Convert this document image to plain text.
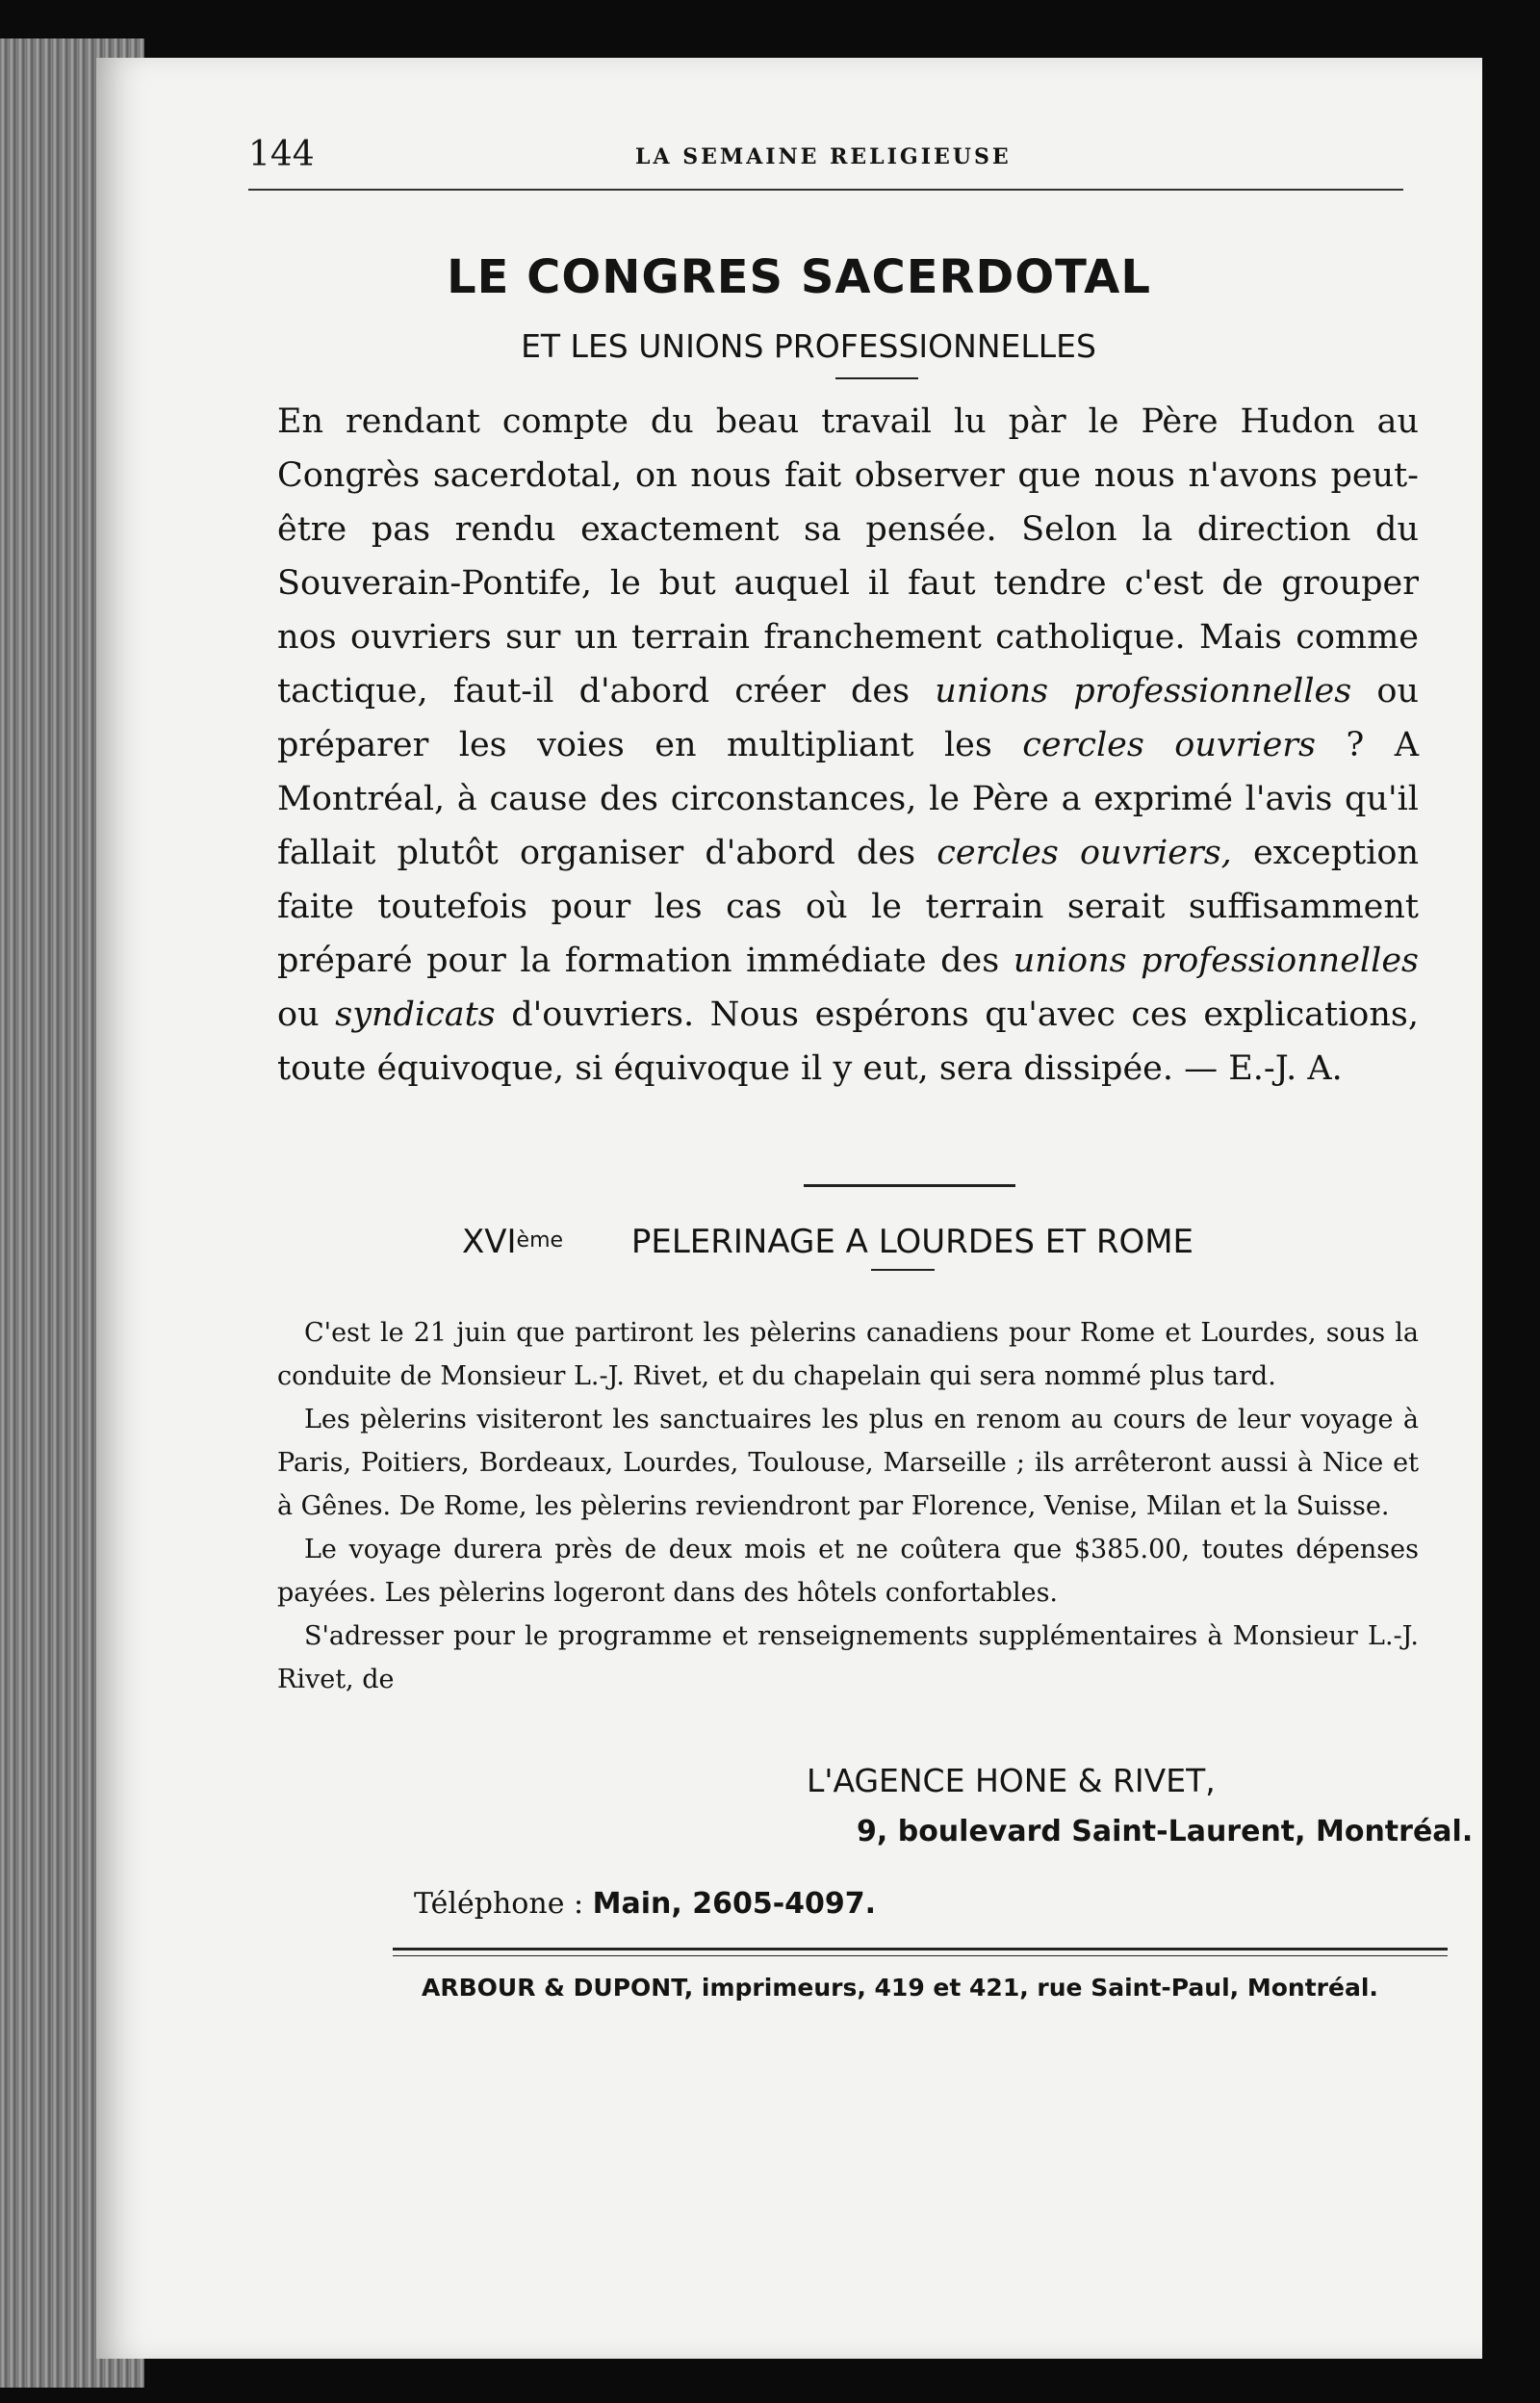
144	LA SEMAINE RELIGIEUSE
LE CONGRES SACERDOTAL
ET LES UNIONS PROFESSIONNELLES
En rendant compte du beau travail lu pàr le Père Hudon au Congrès sacerdotal, on nous fait observer que nous n'avons peut-être pas rendu exactement sa pensée. Selon la direction du Souverain-Pontife, le but auquel il faut tendre c'est de grouper nos ouvriers sur un terrain franchement catholique. Mais comme tactique, faut-il d'abord créer des unions professionnelles ou préparer les voies en multipliant les cercles ouvriers ? A Montréal, à cause des circonstances, le Père a exprimé l'avis qu'il fallait plutôt organiser d'abord des cercles ouvriers, exception faite toutefois pour les cas où le terrain serait suffisamment préparé pour la formation immédiate des unions professionnelles ou syndicats d'ouvriers. Nous espérons qu'avec ces explications, toute équivoque, si équivoque il y eut, sera dissipée. — E.-J. A.
XVIème PELERINAGE A LOURDES ET ROME
C'est le 21 juin que partiront les pèlerins canadiens pour Rome et Lourdes, sous la conduite de Monsieur L.-J. Rivet, et du chapelain qui sera nommé plus tard.
Les pèlerins visiteront les sanctuaires les plus en renom au cours de leur voyage à Paris, Poitiers, Bordeaux, Lourdes, Toulouse, Marseille ; ils arrêteront aussi à Nice et à Gênes. De Rome, les pèlerins reviendront par Florence, Venise, Milan et la Suisse.
Le voyage durera près de deux mois et ne coûtera que $385.00, toutes dépenses payées. Les pèlerins logeront dans des hôtels confortables.
S'adresser pour le programme et renseignements supplémentaires à Monsieur L.-J. Rivet, de
L'AGENCE HONE & RIVET,
9, boulevard Saint-Laurent, Montréal.
Téléphone : Main, 2605-4097.
ARBOUR & DUPONT, imprimeurs, 419 et 421, rue Saint-Paul, Montréal.
